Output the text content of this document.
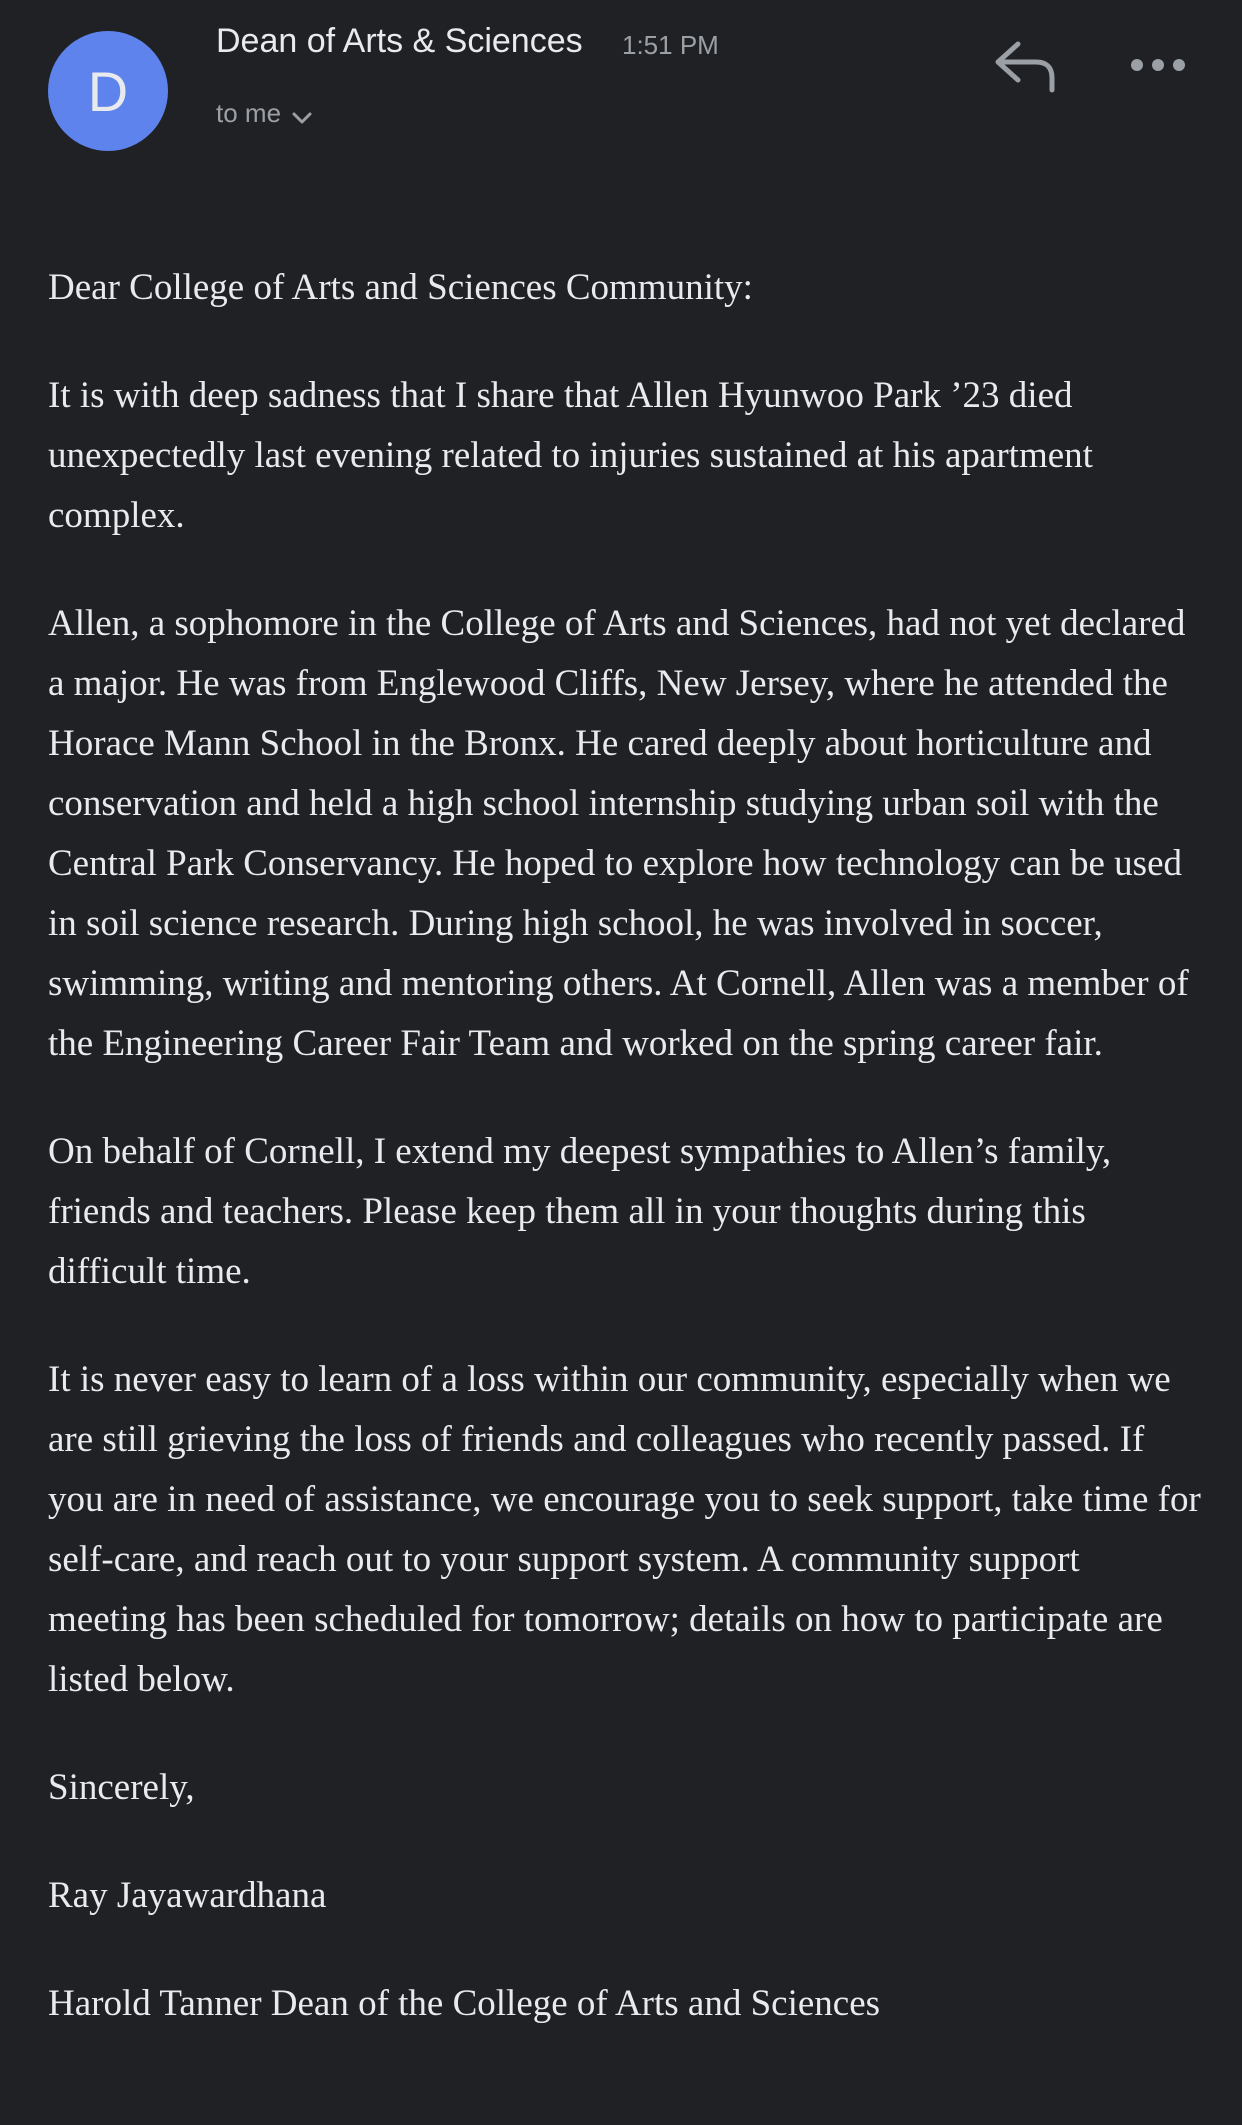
D
Dean of Arts & Sciences 1:51 PM
to me

Dear College of Arts and Sciences Community:

It is with deep sadness that I share that Allen Hyunwoo Park ’23 died unexpectedly last evening related to injuries sustained at his apartment complex.

Allen, a sophomore in the College of Arts and Sciences, had not yet declared a major. He was from Englewood Cliffs, New Jersey, where he attended the Horace Mann School in the Bronx. He cared deeply about horticulture and conservation and held a high school internship studying urban soil with the Central Park Conservancy. He hoped to explore how technology can be used in soil science research. During high school, he was involved in soccer, swimming, writing and mentoring others. At Cornell, Allen was a member of the Engineering Career Fair Team and worked on the spring career fair.

On behalf of Cornell, I extend my deepest sympathies to Allen’s family, friends and teachers. Please keep them all in your thoughts during this difficult time.

It is never easy to learn of a loss within our community, especially when we are still grieving the loss of friends and colleagues who recently passed. If you are in need of assistance, we encourage you to seek support, take time for self-care, and reach out to your support system. A community support meeting has been scheduled for tomorrow; details on how to participate are listed below.

Sincerely,

Ray Jayawardhana

Harold Tanner Dean of the College of Arts and Sciences
